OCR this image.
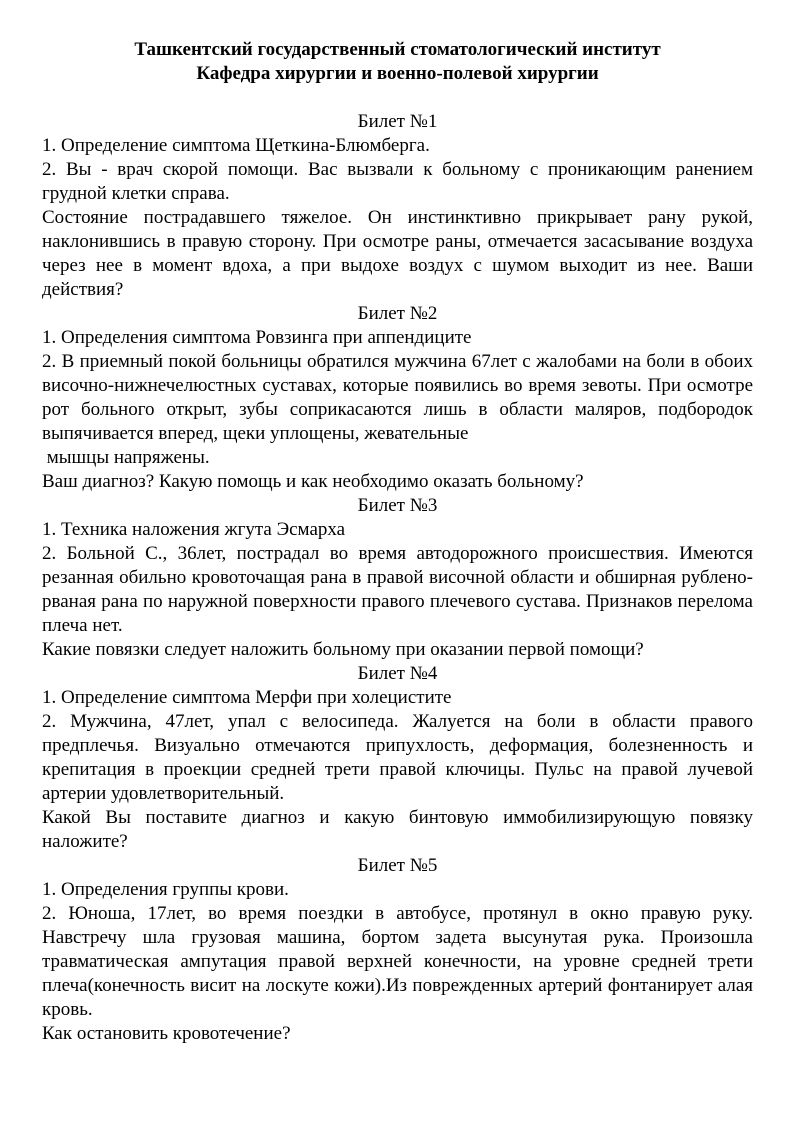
Ташкентский государственный стоматологический институт
Кафедра хирургии и военно-полевой хирургии
Билет №1

1. Определение симптома Щеткина-Блюмберга.

2. Вы - врач скорой помощи. Вас вызвали к больному с проникающим ранением грудной клетки справа.

Состояние пострадавшего тяжелое. Он инстинктивно прикрывает рану рукой, наклонившись в правую сторону. При осмотре раны, отмечается засасывание воздуха через нее в момент вдоха, а при выдохе воздух с шумом выходит из нее. Ваши действия?

Билет №2

1. Определения симптома Ровзинга при аппендиците

2. В приемный покой больницы обратился мужчина 67лет с жалобами на боли в обоих височно-нижнечелюстных суставах, которые появились во время зевоты. При осмотре рот больного открыт, зубы соприкасаются лишь в области маляров, подбородок выпячивается вперед, щеки уплощены, жевательные

мышцы напряжены.

Ваш диагноз? Какую помощь и как необходимо оказать больному?

Билет №3

1. Техника наложения жгута Эсмарха

2. Больной С., 36лет, пострадал во время автодорожного происшествия. Имеются резанная обильно кровоточащая рана в правой височной области и обширная рублено-рваная рана по наружной поверхности правого плечевого сустава. Признаков перелома плеча нет.

Какие повязки следует наложить больному при оказании первой помощи?

Билет №4

1. Определение симптома Мерфи при холецистите

2. Мужчина, 47лет, упал с велосипеда. Жалуется на боли в области правого предплечья. Визуально отмечаются припухлость, деформация, болезненность и крепитация в проекции средней трети правой ключицы. Пульс на правой лучевой артерии удовлетворительный.

Какой Вы поставите диагноз и какую бинтовую иммобилизирующую повязку наложите?

Билет №5

1. Определения группы крови.

2. Юноша, 17лет, во время поездки в автобусе, протянул в окно правую руку. Навстречу шла грузовая машина, бортом задета высунутая рука. Произошла травматическая ампутация правой верхней конечности, на уровне средней трети плеча(конечность висит на лоскуте кожи).Из поврежденных артерий фонтанирует алая кровь.

Как остановить кровотечение?
